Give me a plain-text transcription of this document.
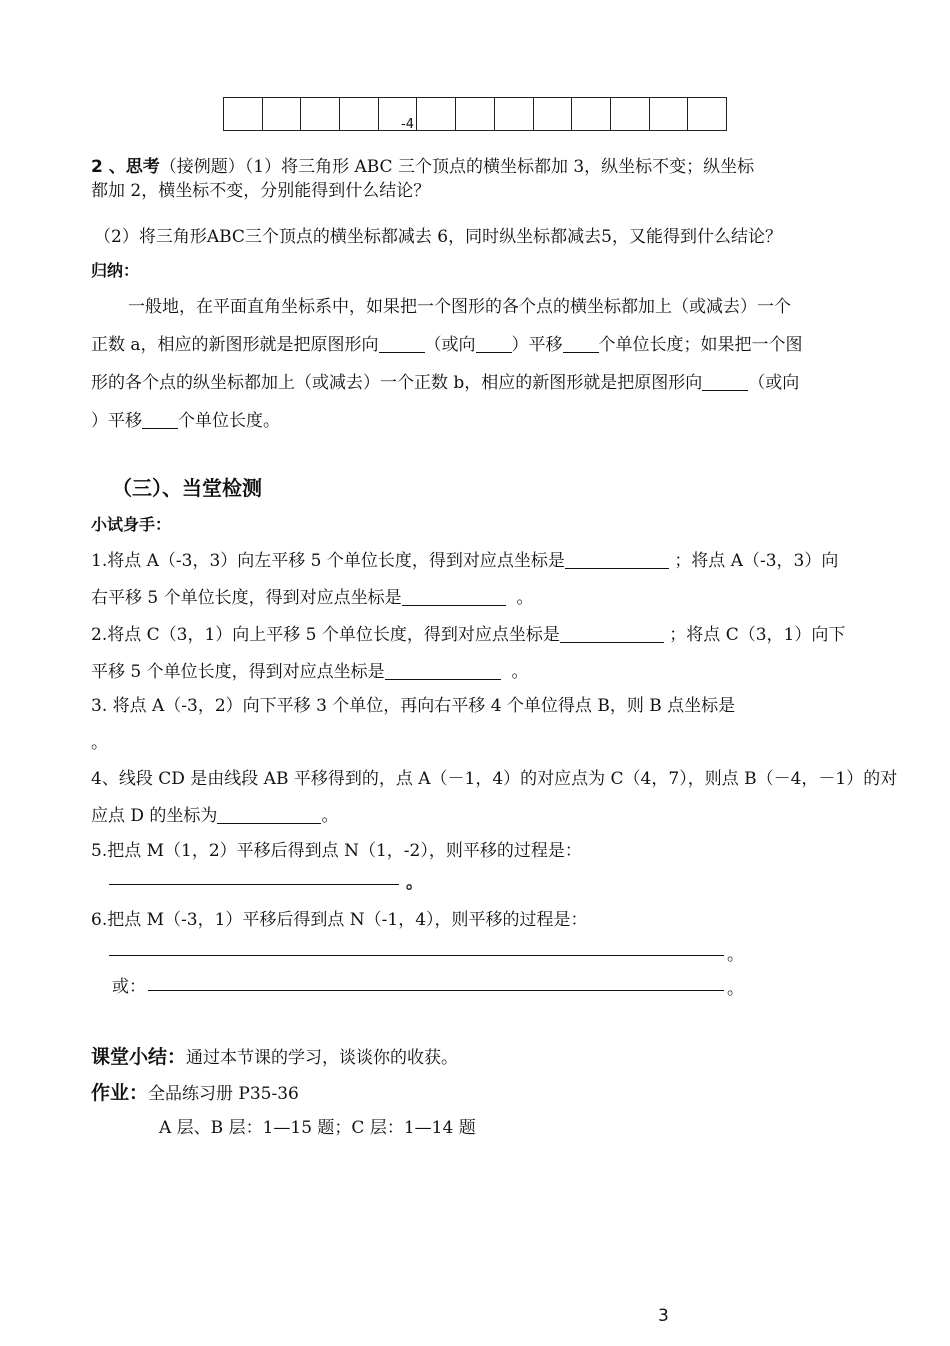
-4
2 、思考（接例题）（1）将三角形 ABC 三个顶点的横坐标都加 3，纵坐标不变；纵坐标
都加 2，横坐标不变，分别能得到什么结论？
（2）将三角形ABC三个顶点的横坐标都减去 6，同时纵坐标都减去5，又能得到什么结论？
归纳：
一般地，在平面直角坐标系中，如果把一个图形的各个点的横坐标都加上（或减去）一个
正数 a，相应的新图形就是把原图形向	（或向 ）平移 个单位长度；如果把一个图
形的各个点的纵坐标都加上（或减去）一个正数 b，相应的新图形就是把原图形向	（或向
）平移 个单位长度。
（三）、当堂检测
小试身手：
1.将点 A（-3，3）向左平移 5 个单位长度，得到对应点坐标是	；将点 A（-3，3）向
右平移 5 个单位长度，得到对应点坐标是	。
2.将点 C（3，1）向上平移 5 个单位长度，得到对应点坐标是	；将点 C（3，1）向下
平移 5 个单位长度，得到对应点坐标是	。
3. 将点 A（-3，2）向下平移 3 个单位，再向右平移 4 个单位得点 B，则 B 点坐标是
。
4、线段 CD 是由线段 AB 平移得到的，点 A（－1，4）的对应点为 C（4，7），则点 B（－4，－1）的对
应点 D 的坐标为	。
5.把点 M（1，2）平移后得到点 N（1，-2），则平移的过程是：
。
6.把点 M（-3，1）平移后得到点 N（-1，4），则平移的过程是：
。
或：	。
课堂小结：通过本节课的学习，谈谈你的收获。
作业：全品练习册 P35-36
A 层、B 层：1—15 题；C 层：1—14 题
3
